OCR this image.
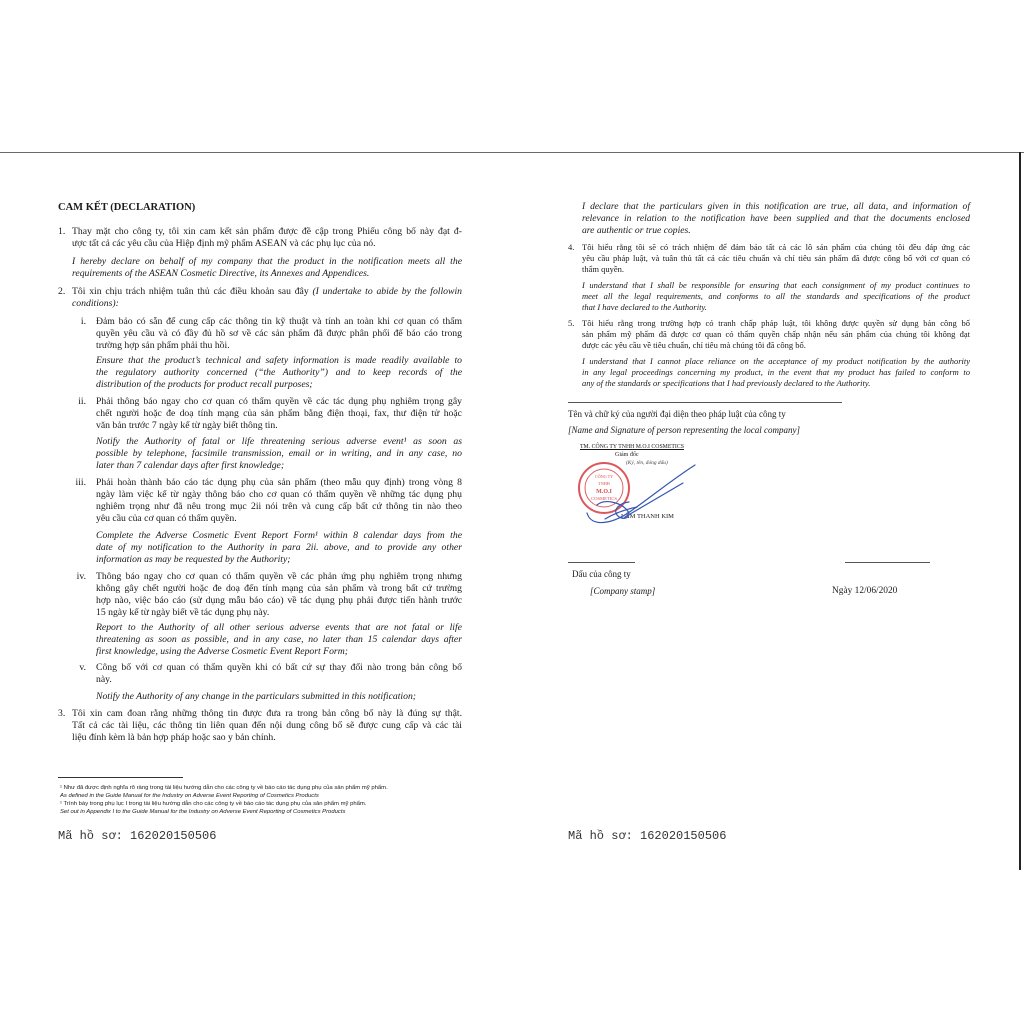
CAM KẾT (DECLARATION)
1. Thay mặt cho công ty, tôi xin cam kết sản phẩm được đề cập trong Phiếu công bố này đạt đ-
ược tất cả các yêu cầu của Hiệp định mỹ phẩm ASEAN và các phụ lục của nó.
I hereby declare on behalf of my company that the product in the notification meets all the
requirements of the ASEAN Cosmetic Directive, its Annexes and Appendices.
2. Tôi xin chịu trách nhiệm tuân thủ các điều khoản sau đây (I undertake to abide by the followin
conditions):
i. Đảm bảo có sẵn để cung cấp các thông tin kỹ thuật và tính an toàn khi cơ quan có thẩm
quyền yêu cầu và có đầy đủ hồ sơ về các sản phẩm đã được phân phối để báo cáo trong
trường hợp sản phẩm phải thu hồi.
Ensure that the product’s technical and safety information is made readily available to
the regulatory authority concerned (“the Authority”) and to keep records of the
distribution of the products for product recall purposes;
ii. Phải thông báo ngay cho cơ quan có thẩm quyền về các tác dụng phụ nghiêm trọng gây
chết người hoặc đe doạ tính mạng của sản phẩm bằng điện thoại, fax, thư điện tử hoặc
văn bản trước 7 ngày kể từ ngày biết thông tin.
Notify the Authority of fatal or life threatening serious adverse event¹ as soon as
possible by telephone, facsimile transmission, email or in writing, and in any case, no
later than 7 calendar days after first knowledge;
iii. Phải hoàn thành báo cáo tác dụng phụ của sản phẩm (theo mẫu quy định) trong vòng 8
ngày làm việc kể từ ngày thông báo cho cơ quan có thẩm quyền về những tác dụng phụ
nghiêm trọng như đã nêu trong mục 2ii nói trên và cung cấp bất cứ thông tin nào theo
yêu cầu của cơ quan có thẩm quyền.
Complete the Adverse Cosmetic Event Report Form¹ within 8 calendar days from the
date of my notification to the Authority in para 2ii. above, and to provide any other
information as may be requested by the Authority;
iv. Thông báo ngay cho cơ quan có thẩm quyền về các phản ứng phụ nghiêm trọng nhưng
không gây chết người hoặc đe doạ đến tính mạng của sản phẩm và trong bất cứ trường
hợp nào, việc báo cáo (sử dụng mẫu báo cáo) về tác dụng phụ phải được tiến hành trước
15 ngày kể từ ngày biết về tác dụng phụ này.
Report to the Authority of all other serious adverse events that are not fatal or life
threatening as soon as possible, and in any case, no later than 15 calendar days after
first knowledge, using the Adverse Cosmetic Event Report Form;
v. Công bố với cơ quan có thẩm quyền khi có bất cứ sự thay đổi nào trong bản công bố
này.
Notify the Authority of any change in the particulars submitted in this notification;
3. Tôi xin cam đoan rằng những thông tin được đưa ra trong bản công bố này là đúng sự thật.
Tất cả các tài liệu, các thông tin liên quan đến nội dung công bố sẽ được cung cấp và các tài
liệu đính kèm là bản hợp pháp hoặc sao y bản chính.
¹ Như đã được định nghĩa rõ ràng trong tài liệu hướng dẫn cho các công ty về báo cáo tác dụng phụ của sản phẩm mỹ phẩm.
As defined in the Guide Manual for the Industry on Adverse Event Reporting of Cosmetics Products
¹ Trình bày trong phụ lục I trong tài liệu hướng dẫn cho các công ty về báo cáo tác dụng phụ của sản phẩm mỹ phẩm.
Set out in Appendix I to the Guide Manual for the Industry on Adverse Event Reporting of Cosmetics Products
Mã hồ sơ: 162020150506
I declare that the particulars given in this notification are true, all data, and information of
relevance in relation to the notification have been supplied and that the documents enclosed
are authentic or true copies.
4. Tôi hiểu rằng tôi sẽ có trách nhiệm để đảm bảo tất cả các lô sản phẩm của chúng tôi đều đáp ứng các
yêu cầu pháp luật, và tuân thủ tất cả các tiêu chuẩn và chỉ tiêu sản phẩm đã được công bố với cơ quan có
thẩm quyền.
I understand that I shall be responsible for ensuring that each consignment of my product continues to
meet all the legal requirements, and conforms to all the standards and specifications of the product
that I have declared to the Authority.
5. Tôi hiểu rằng trong trường hợp có tranh chấp pháp luật, tôi không được quyền sử dụng bản công bố
sản phẩm mỹ phẩm đã được cơ quan có thẩm quyền chấp nhận nếu sản phẩm của chúng tôi không đạt
được các yêu cầu về tiêu chuẩn, chỉ tiêu mà chúng tôi đã công bố.
I understand that I cannot place reliance on the acceptance of my product notification by the authority
in any legal proceedings concerning my product, in the event that my product has failed to conform to
any of the standards or specifications that I had previously declared to the Authority.
Tên và chữ ký của người đại diện theo pháp luật của công ty
[Name and Signature of person representing the local company]
TM. CÔNG TY TNHH M.O.I COSMETICS
Giám đốc
(Ký, tên, đóng dấu)
LÂM THANH KIM
CÔNG TY
TNHH
M.O.I
COSMETICS
Dấu của công ty
[Company stamp]	Ngày 12/06/2020
Mã hồ sơ: 162020150506
